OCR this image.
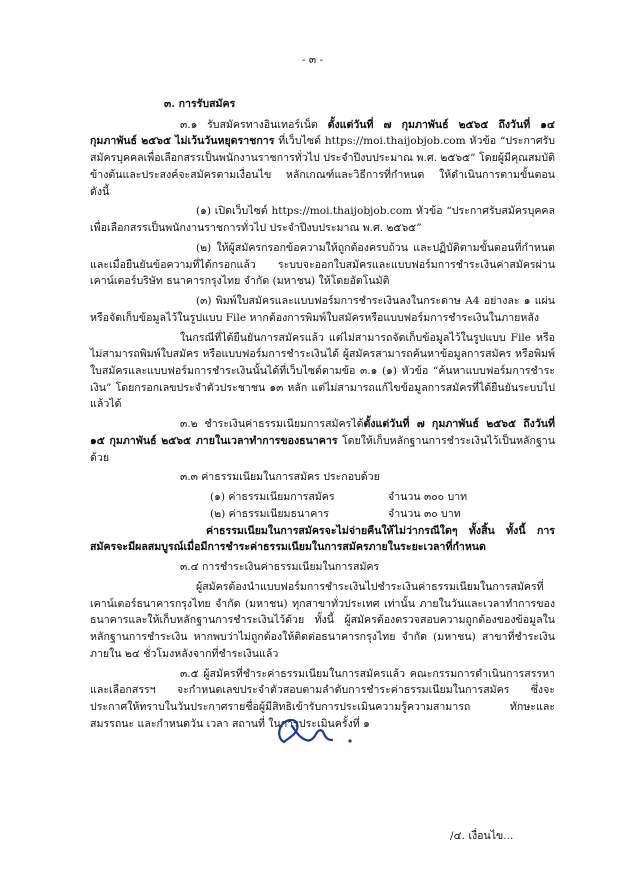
- ๓ -
๓. การรับสมัคร

๓.๑ รับสมัครทางอินเทอร์เน็ต ตั้งแต่วันที่ ๗ กุมภาพันธ์ ๒๕๖๕ ถึงวันที่ ๑๔ กุมภาพันธ์ ๒๕๖๕ ไม่เว้นวันหยุดราชการ ที่เว็บไซต์ https://moi.thaijobjob.com หัวข้อ “ประกาศรับสมัครบุคคลเพื่อเลือกสรรเป็นพนักงานราชการทั่วไป ประจำปีงบประมาณ พ.ศ. ๒๕๖๕” โดยผู้มีคุณสมบัติข้างต้นและประสงค์จะสมัครตามเงื่อนไข หลักเกณฑ์และวิธีการที่กำหนด ให้ดำเนินการตามขั้นตอน ดังนี้

(๑) เปิดเว็บไซต์ https://moi.thaijobjob.com หัวข้อ “ประกาศรับสมัครบุคคลเพื่อเลือกสรรเป็นพนักงานราชการทั่วไป ประจำปีงบประมาณ พ.ศ. ๒๕๖๕”

(๒) ให้ผู้สมัครกรอกข้อความให้ถูกต้องครบถ้วน และปฏิบัติตามขั้นตอนที่กำหนด และเมื่อยืนยันข้อความที่ได้กรอกแล้ว ระบบจะออกใบสมัครและแบบฟอร์มการชำระเงินค่าสมัครผ่านเคาน์เตอร์บริษัท ธนาคารกรุงไทย จำกัด (มหาชน) ให้โดยอัตโนมัติ

(๓) พิมพ์ใบสมัครและแบบฟอร์มการชำระเงินลงในกระดาษ A4 อย่างละ ๑ แผ่น หรือจัดเก็บข้อมูลไว้ในรูปแบบ File หากต้องการพิมพ์ใบสมัครหรือแบบฟอร์มการชำระเงินในภายหลัง

ในกรณีที่ได้ยืนยันการสมัครแล้ว แต่ไม่สามารถจัดเก็บข้อมูลไว้ในรูปแบบ File หรือไม่สามารถพิมพ์ใบสมัคร หรือแบบฟอร์มการชำระเงินได้ ผู้สมัครสามารถค้นหาข้อมูลการสมัคร หรือพิมพ์ใบสมัครและแบบฟอร์มการชำระเงินนั้นได้ที่เว็บไซต์ตามข้อ ๓.๑ (๑) หัวข้อ “ค้นหาแบบฟอร์มการชำระเงิน” โดยกรอกเลขประจำตัวประชาชน ๑๓ หลัก แต่ไม่สามารถแก้ไขข้อมูลการสมัครที่ได้ยืนยันระบบไปแล้วได้

๓.๒ ชำระเงินค่าธรรมเนียมการสมัครได้ตั้งแต่วันที่ ๗ กุมภาพันธ์ ๒๕๖๕ ถึงวันที่ ๑๕ กุมภาพันธ์ ๒๕๖๕ ภายในเวลาทำการของธนาคาร โดยให้เก็บหลักฐานการชำระเงินไว้เป็นหลักฐานด้วย

๓.๓ ค่าธรรมเนียมในการสมัคร ประกอบด้วย

(๑) ค่าธรรมเนียมการสมัคร	จำนวน ๓๐๐ บาท
(๒) ค่าธรรมเนียมธนาคาร	จำนวน ๓๐ บาท

ค่าธรรมเนียมในการสมัครจะไม่จ่ายคืนให้ไม่ว่ากรณีใดๆ ทั้งสิ้น ทั้งนี้ การสมัครจะมีผลสมบูรณ์เมื่อมีการชำระค่าธรรมเนียมในการสมัครภายในระยะเวลาที่กำหนด

๓.๔ การชำระเงินค่าธรรมเนียมในการสมัคร

ผู้สมัครต้องนำแบบฟอร์มการชำระเงินไปชำระเงินค่าธรรมเนียมในการสมัครที่เคาน์เตอร์ธนาคารกรุงไทย จำกัด (มหาชน) ทุกสาขาทั่วประเทศ เท่านั้น ภายในวันและเวลาทำการของธนาคารและให้เก็บหลักฐานการชำระเงินไว้ด้วย ทั้งนี้ ผู้สมัครต้องตรวจสอบความถูกต้องของข้อมูลในหลักฐานการชำระเงิน หากพบว่าไม่ถูกต้องให้ติดต่อธนาคารกรุงไทย จำกัด (มหาชน) สาขาที่ชำระเงินภายใน ๒๔ ชั่วโมงหลังจากที่ชำระเงินแล้ว

๓.๕ ผู้สมัครที่ชำระค่าธรรมเนียมในการสมัครแล้ว คณะกรรมการดำเนินการสรรหาและเลือกสรรฯ จะกำหนดเลขประจำตัวสอบตามลำดับการชำระค่าธรรมเนียมในการสมัคร ซึ่งจะประกาศให้ทราบในวันประกาศรายชื่อผู้มีสิทธิเข้ารับการประเมินความรู้ความสามารถ ทักษะและสมรรถนะ และกำหนดวัน เวลา สถานที่ ในการประเมินครั้งที่ ๑

/๔. เงื่อนไข...
